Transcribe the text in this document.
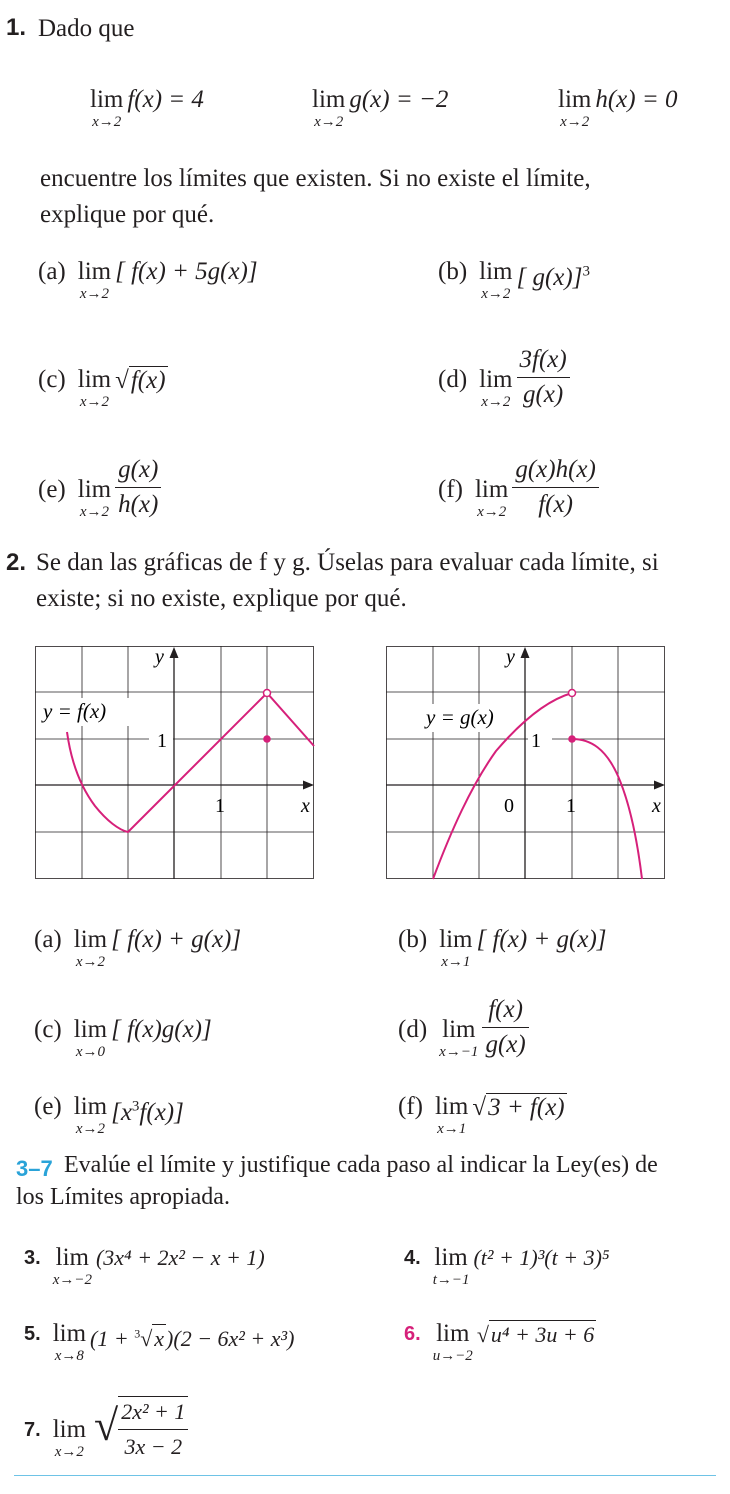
1. Dado que
lim
x→2
f(x) = 4	lim
x→2
g(x) = −2	lim
x→2
h(x) = 0
encuentre los límites que existen. Si no existe el límite,
explique por qué.
(a) lim
x→2
[ f(x) + 5g(x)]	(b) lim
x→2
[ g(x)]$^3$
(c) lim
x→2
√f(x)	(d) lim
x→2
$\frac{3f(x)}{g(x)}$
(e) lim
x→2
$\frac{g(x)}{h(x)}$	(f) lim
x→2
$\frac{g(x)h(x)}{f(x)}$
2. Se dan las gráficas de f y g. Úselas para evaluar cada límite, si
existe; si no existe, explique por qué.
y = f(x)
1
1
y
x
y = g(x)
1
1
0
y
x
(a) lim
x→2
[ f(x) + g(x)]	(b) lim
x→1
[ f(x) + g(x)]
(c) lim
x→0
[ f(x)g(x)]	(d) lim
x→−1
$\frac{f(x)}{g(x)}$
(e) lim
x→2
$[x^3f(x)]$	(f) lim
x→1
√3 + f(x)
3–7 Evalúe el límite y justifique cada paso al indicar la Ley(es) de
los Límites apropiada.
3. lim
x→−2
(3x⁴ + 2x² − x + 1)	4. lim
t→−1
(t² + 1)³(t + 3)⁵
5. lim
x→8
(1 + $^3$√x)(2 − 6x² + x³)	6. lim
u→−2
√u⁴ + 3u + 6
7. lim
x→2
√ $\frac{\text{2x² + 1}}{3x - 2}$
